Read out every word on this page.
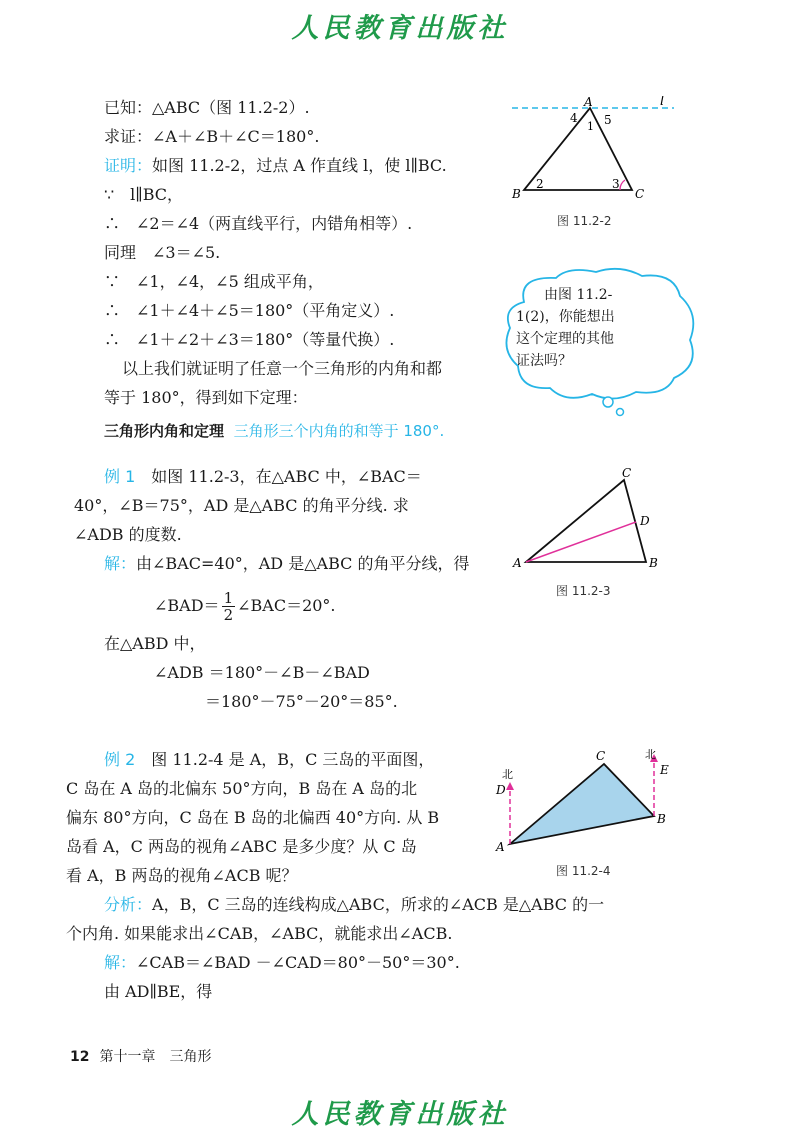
人民教育出版社
已知：△ABC（图 11.2-2）.
求证：∠A＋∠B＋∠C＝180°.
证明：如图 11.2-2，过点 A 作直线 l，使 l∥BC.
∵　l∥BC，
∴　∠2＝∠4（两直线平行，内错角相等）.
同理　∠3＝∠5.
∵　∠1，∠4，∠5 组成平角，
∴　∠1＋∠4＋∠5＝180°（平角定义）.
∴　∠1＋∠2＋∠3＝180°（等量代换）.
以上我们就证明了任意一个三角形的内角和都
等于 180°，得到如下定理：
三角形内角和定理 三角形三个内角的和等于 180°.
A	l
4
1 5
2	3
B	C
图 11.2-2
　　由图 11.2-
1(2)，你能想出
这个定理的其他
证法吗？
例 1　如图 11.2-3，在△ABC 中，∠BAC＝
40°，∠B＝75°，AD 是△ABC 的角平分线. 求
∠ADB 的度数.
解：由∠BAC=40°，AD 是△ABC 的角平分线，得
∠BAD＝ $\frac{1}{2}$ ∠BAC＝20°.
在△ABD 中，
∠ADB ＝180°－∠B－∠BAD
＝180°－75°－20°＝85°.
C
D
A	B
图 11.2-3
例 2　图 11.2-4 是 A，B，C 三岛的平面图，
C 岛在 A 岛的北偏东 50°方向，B 岛在 A 岛的北
偏东 80°方向，C 岛在 B 岛的北偏西 40°方向. 从 B
岛看 A，C 两岛的视角∠ABC 是多少度？从 C 岛
看 A，B 两岛的视角∠ACB 呢？
分析：A，B，C 三岛的连线构成△ABC，所求的∠ACB 是△ABC 的一
个内角. 如果能求出∠CAB，∠ABC，就能求出∠ACB.
解：∠CAB＝∠BAD －∠CAD＝80°－50°＝30°.
由 AD∥BE，得
北
北
D
E
C
B
A
图 11.2-4
12 第十一章　三角形
人民教育出版社
